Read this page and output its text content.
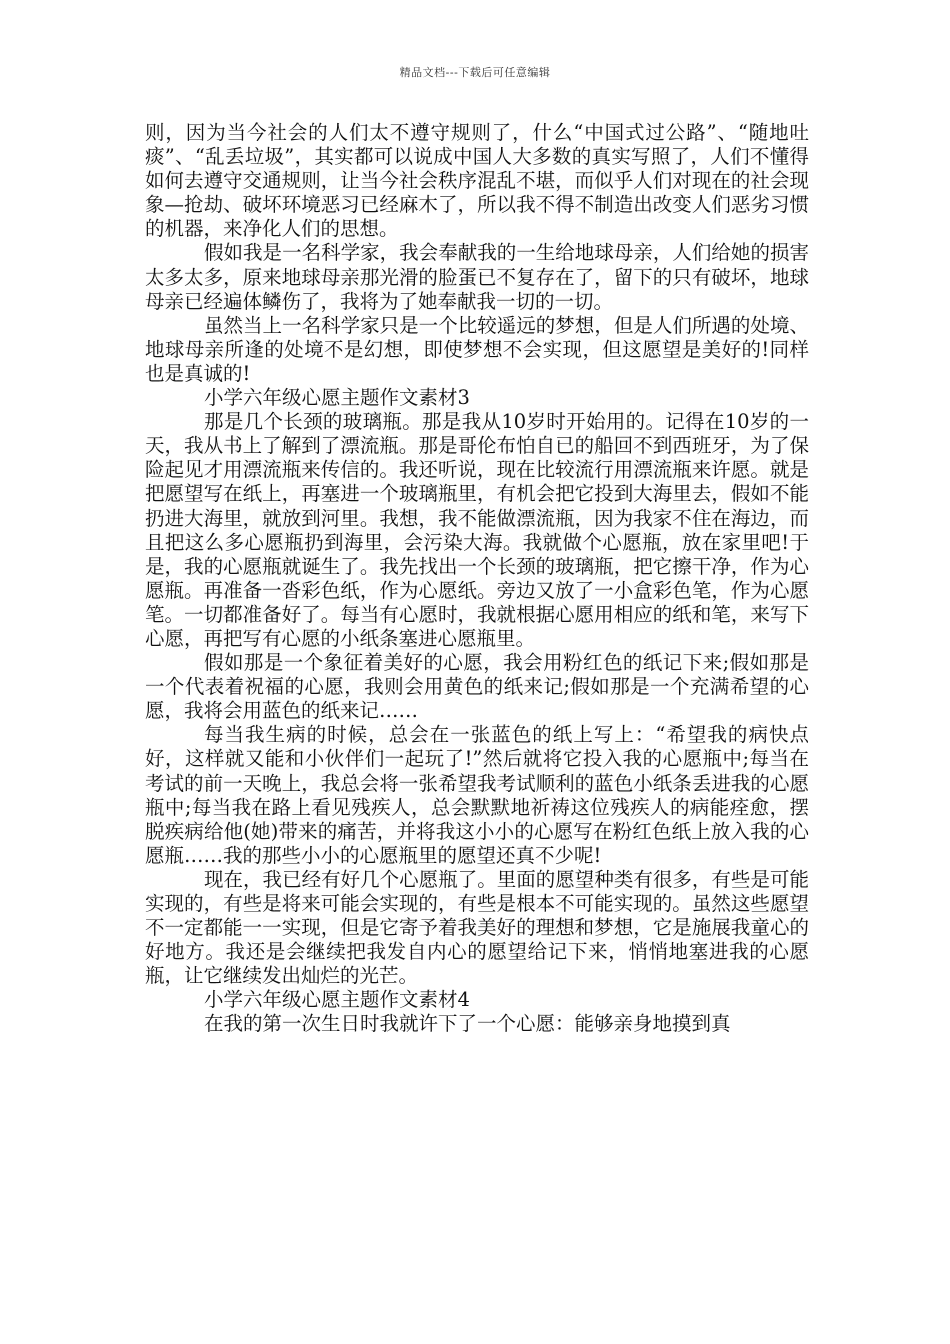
精品文档---下载后可任意编辑

则，因为当今社会的人们太不遵守规则了，什么“中国式过公路”、“随地吐痰”、“乱丢垃圾”，其实都可以说成中国人大多数的真实写照了，人们不懂得如何去遵守交通规则，让当今社会秩序混乱不堪，而似乎人们对现在的社会现象—抢劫、破坏环境恶习已经麻木了，所以我不得不制造出改变人们恶劣习惯的机器，来净化人们的思想。

假如我是一名科学家，我会奉献我的一生给地球母亲，人们给她的损害太多太多，原来地球母亲那光滑的脸蛋已不复存在了，留下的只有破坏，地球母亲已经遍体鳞伤了，我将为了她奉献我一切的一切。

虽然当上一名科学家只是一个比较遥远的梦想，但是人们所遇的处境、地球母亲所逢的处境不是幻想，即使梦想不会实现，但这愿望是美好的!同样也是真诚的!

小学六年级心愿主题作文素材3

那是几个长颈的玻璃瓶。那是我从10岁时开始用的。记得在10岁的一天，我从书上了解到了漂流瓶。那是哥伦布怕自已的船回不到西班牙，为了保险起见才用漂流瓶来传信的。我还听说，现在比较流行用漂流瓶来许愿。就是把愿望写在纸上，再塞进一个玻璃瓶里，有机会把它投到大海里去，假如不能扔进大海里，就放到河里。我想，我不能做漂流瓶，因为我家不住在海边，而且把这么多心愿瓶扔到海里，会污染大海。我就做个心愿瓶，放在家里吧!于是，我的心愿瓶就诞生了。我先找出一个长颈的玻璃瓶，把它擦干净，作为心愿瓶。再准备一沓彩色纸，作为心愿纸。旁边又放了一小盒彩色笔，作为心愿笔。一切都准备好了。每当有心愿时，我就根据心愿用相应的纸和笔，来写下心愿，再把写有心愿的小纸条塞进心愿瓶里。

假如那是一个象征着美好的心愿，我会用粉红色的纸记下来;假如那是一个代表着祝福的心愿，我则会用黄色的纸来记;假如那是一个充满希望的心愿，我将会用蓝色的纸来记……

每当我生病的时候，总会在一张蓝色的纸上写上：“希望我的病快点好，这样就又能和小伙伴们一起玩了!”然后就将它投入我的心愿瓶中;每当在考试的前一天晚上，我总会将一张希望我考试顺利的蓝色小纸条丢进我的心愿瓶中;每当我在路上看见残疾人，总会默默地祈祷这位残疾人的病能痊愈，摆脱疾病给他(她)带来的痛苦，并将我这小小的心愿写在粉红色纸上放入我的心愿瓶……我的那些小小的心愿瓶里的愿望还真不少呢!

现在，我已经有好几个心愿瓶了。里面的愿望种类有很多，有些是可能实现的，有些是将来可能会实现的，有些是根本不可能实现的。虽然这些愿望不一定都能一一实现，但是它寄予着我美好的理想和梦想，它是施展我童心的好地方。我还是会继续把我发自内心的愿望给记下来，悄悄地塞进我的心愿瓶，让它继续发出灿烂的光芒。

小学六年级心愿主题作文素材4

在我的第一次生日时我就许下了一个心愿：能够亲身地摸到真
